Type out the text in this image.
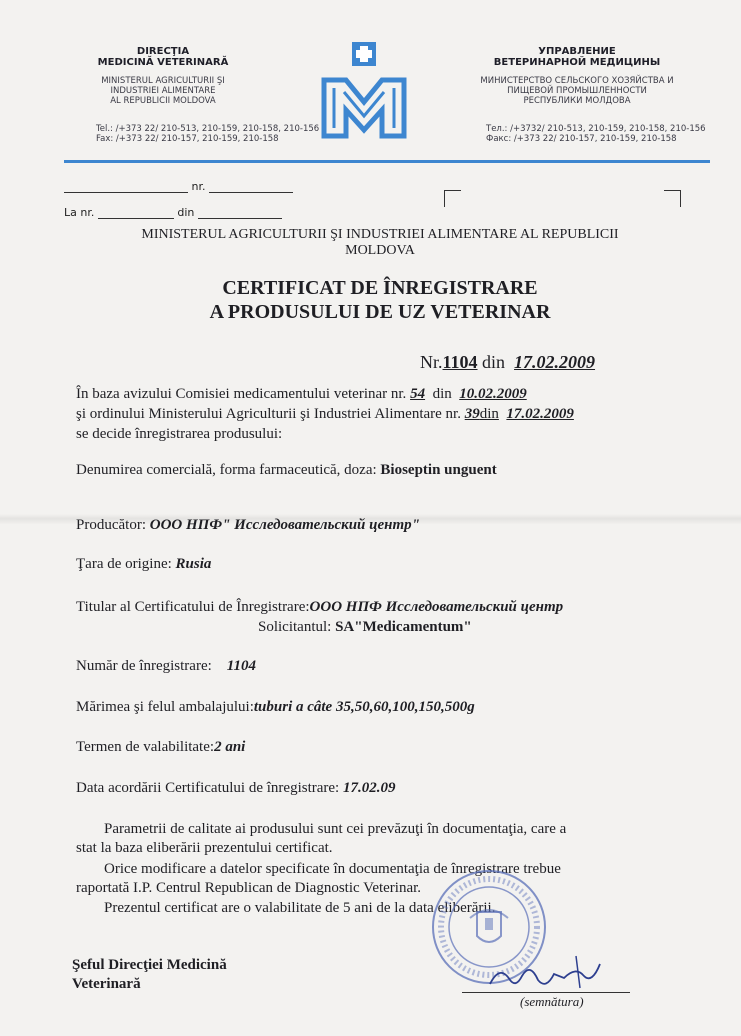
DIRECŢIA
MEDICINĂ VETERINARĂ
MINISTERUL AGRICULTURII ŞI
INDUSTRIEI ALIMENTARE
AL REPUBLICII MOLDOVA
Tel.: /+373 22/ 210-513, 210-159, 210-158, 210-156
Fax: /+373 22/ 210-157, 210-159, 210-158
УПРАВЛЕНИЕ
ВЕТЕРИНАРНОЙ МЕДИЦИНЫ
МИНИСТЕРСТВО СЕЛЬСКОГО ХОЗЯЙСТВА И
ПИЩЕВОЙ ПРОМЫШЛЕННОСТИ
РЕСПУБЛИКИ МОЛДОВА
Тел.: /+3732/ 210-513, 210-159, 210-158, 210-156
Факс: /+373 22/ 210-157, 210-159, 210-158
nr.
La nr.	din
MINISTERUL AGRICULTURII ŞI INDUSTRIEI ALIMENTARE AL REPUBLICII
MOLDOVA
CERTIFICAT DE ÎNREGISTRARE
A PRODUSULUI DE UZ VETERINAR
Nr.1104 din 17.02.2009
În baza avizului Comisiei medicamentului veterinar nr. 54 din 10.02.2009
şi ordinului Ministerului Agriculturii şi Industriei Alimentare nr. 39din 17.02.2009
se decide înregistrarea produsului:
Denumirea comercială, forma farmaceutică, doza: Bioseptin unguent
Producător: ООО НПФ" Исследовательский центр"
Ţara de origine: Rusia
Titular al Certificatului de Înregistrare:ООО НПФ Исследовательский центр
Solicitantul: SA"Medicamentum"
Număr de înregistrare: 1104
Mărimea şi felul ambalajului:tuburi a câte 35,50,60,100,150,500g
Termen de valabilitate:2 ani
Data acordării Certificatului de înregistrare: 17.02.09
Parametrii de calitate ai produsului sunt cei prevăzuţi în documentaţia, care a
stat la baza eliberării prezentului certificat.
Orice modificare a datelor specificate în documentaţia de înregistrare trebue
raportată I.P. Centrul Republican de Diagnostic Veterinar.
Prezentul certificat are o valabilitate de 5 ani de la data eliberării.
Şeful Direcţiei Medicină
Veterinară
(semnătura)
